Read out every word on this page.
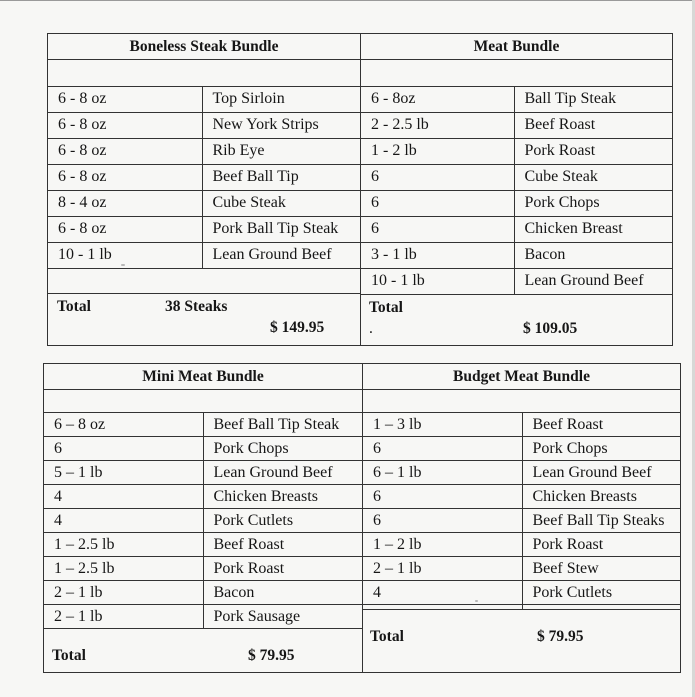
Boneless Steak Bundle
6 - 8 oz	Top Sirloin
6 - 8 oz	New York Strips
6 - 8 oz	Rib Eye
6 - 8 oz	Beef Ball Tip
8 - 4 oz	Cube Steak
6 - 8 oz	Pork Ball Tip Steak
10 - 1 lb	Lean Ground Beef
Total	38 Steaks
$ 149.95
Meat Bundle
6 - 8oz	Ball Tip Steak
2 - 2.5 lb	Beef Roast
1 - 2 lb	Pork Roast
6	Cube Steak
6	Pork Chops
6	Chicken Breast
3 - 1 lb	Bacon
10 - 1 lb	Lean Ground Beef
Total
.	$ 109.05
Mini Meat Bundle
6 – 8 oz	Beef Ball Tip Steak
6	Pork Chops
5 – 1 lb	Lean Ground Beef
4	Chicken Breasts
4	Pork Cutlets
1 – 2.5 lb	Beef Roast
1 – 2.5 lb	Pork Roast
2 – 1 lb	Bacon
2 – 1 lb	Pork Sausage
Total	$ 79.95
Budget Meat Bundle
1 – 3 lb	Beef Roast
6	Pork Chops
6 – 1 lb	Lean Ground Beef
6	Chicken Breasts
6	Beef Ball Tip Steaks
1 – 2 lb	Pork Roast
2 – 1 lb	Beef Stew
4	Pork Cutlets

Total	$ 79.95
